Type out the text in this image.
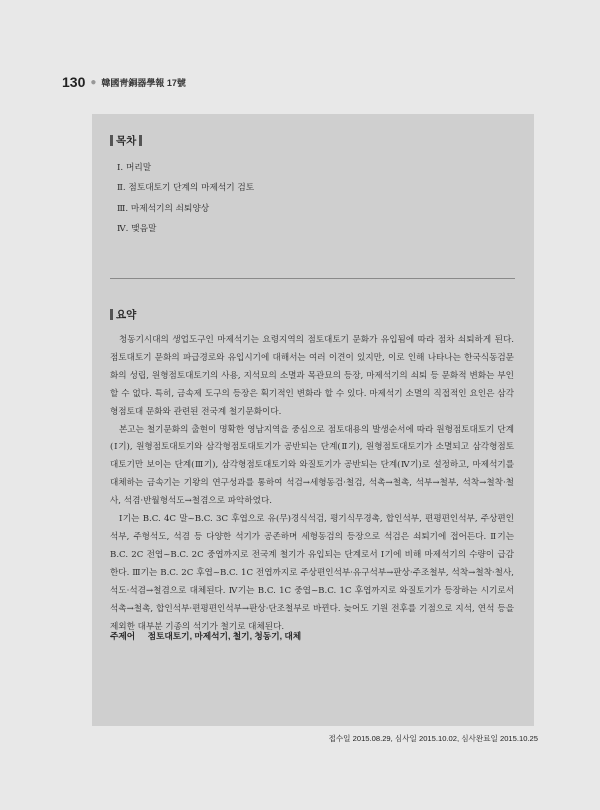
130 ● 韓國靑銅器學報 17號
목차
Ⅰ. 머리말
Ⅱ. 점토대토기 단계의 마제석기 검토
Ⅲ. 마제석기의 쇠퇴양상
Ⅳ. 맺음말
요약

청동기시대의 생업도구인 마제석기는 요령지역의 점토대토기 문화가 유입됨에 따라 점차 쇠퇴하게 된다. 점토대토기 문화의 파급경로와 유입시기에 대해서는 여러 이견이 있지만, 이로 인해 나타나는 한국식동검문화의 성립, 원형점토대토기의 사용, 지석묘의 소멸과 목관묘의 등장, 마제석기의 쇠퇴 등 문화적 변화는 부인할 수 없다. 특히, 금속제 도구의 등장은 획기적인 변화라 할 수 있다. 마제석기 소멸의 직접적인 요인은 삼각형점토대 문화와 관련된 전국계 철기문화이다.

본고는 철기문화의 출현이 명확한 영남지역을 중심으로 점토대용의 발생순서에 따라 원형점토대토기 단계(Ⅰ기), 원형점토대토기와 삼각형점토대토기가 공반되는 단계(Ⅱ기), 원형점토대토기가 소멸되고 삼각형점토대토기만 보이는 단계(Ⅲ기), 삼각형점토대토기와 와질토기가 공반되는 단계(Ⅳ기)로 설정하고, 마제석기를 대체하는 금속기는 기왕의 연구성과를 통하여 석검→세형동검·철검, 석촉→철촉, 석부→철부, 석착→철착·철사, 석겸·반월형석도→철겸으로 파악하였다.

Ⅰ기는 B.C. 4C 말~B.C. 3C 후엽으로 유(무)경식석검, 평기식무경촉, 합인석부, 편평편인석부, 주상편인석부, 주형석도, 석겸 등 다양한 석기가 공존하며 세형동검의 등장으로 석검은 쇠퇴기에 접어든다. Ⅱ기는 B.C. 2C 전엽~B.C. 2C 중엽까지로 전국계 철기가 유입되는 단계로서 Ⅰ기에 비해 마제석기의 수량이 급감한다. Ⅲ기는 B.C. 2C 후엽~B.C. 1C 전엽까지로 주상편인석부·유구석부→판상·주조철부, 석착→철착·철사, 석도·석겸→철겸으로 대체된다. Ⅳ기는 B.C. 1C 중엽~B.C. 1C 후엽까지로 와질토기가 등장하는 시기로서 석촉→철촉, 합인석부·편평편인석부→판상·단조철부로 바뀐다. 늦어도 기원 전후를 기점으로 지석, 연석 등을 제외한 대부분 기종의 석기가 철기로 대체된다.

주제어 점토대토기, 마제석기, 철기, 청동기, 대체
접수일 2015.08.29, 심사일 2015.10.02, 심사완료일 2015.10.25
